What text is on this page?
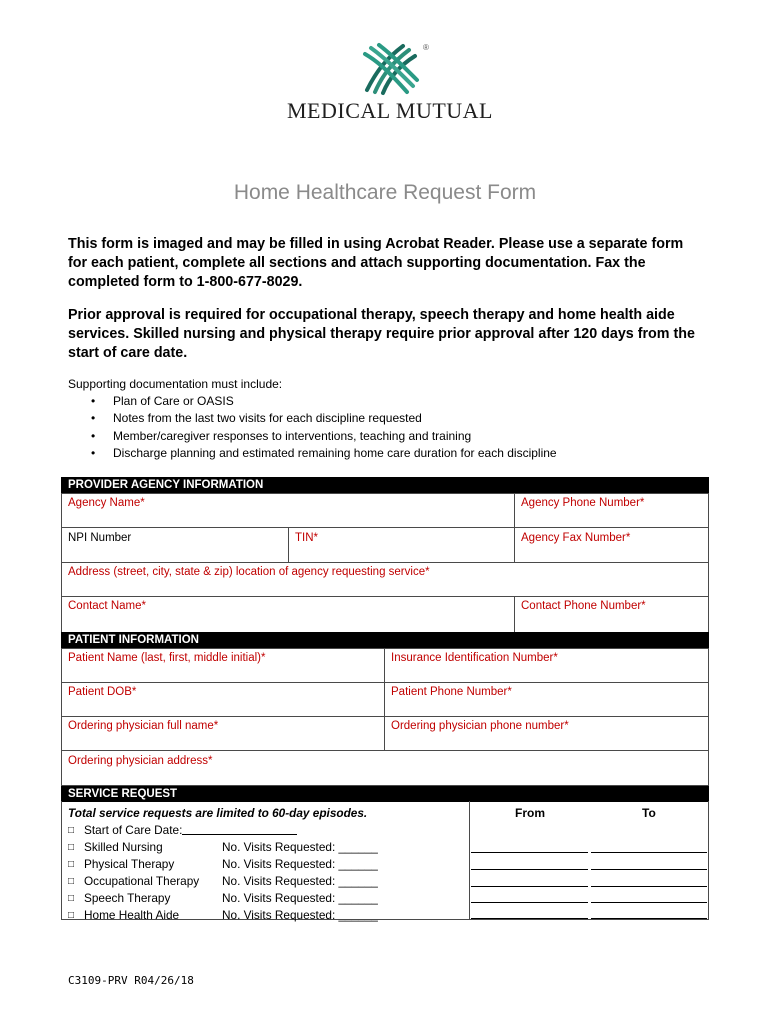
®
MEDICAL MUTUAL
Home Healthcare Request Form

This form is imaged and may be filled in using Acrobat Reader. Please use a separate form for each patient, complete all sections and attach supporting documentation. Fax the completed form to 1-800-677-8029.

Prior approval is required for occupational therapy, speech therapy and home health aide services. Skilled nursing and physical therapy require prior approval after 120 days from the start of care date.

Supporting documentation must include:
• Plan of Care or OASIS
• Notes from the last two visits for each discipline requested
• Member/caregiver responses to interventions, teaching and training
• Discharge planning and estimated remaining home care duration for each discipline
PROVIDER AGENCY INFORMATION
Agency Name*	Agency Phone Number*
NPI Number	TIN*	Agency Fax Number*
Address (street, city, state & zip) location of agency requesting service*
Contact Name*	Contact Phone Number*
PATIENT INFORMATION
Patient Name (last, first, middle initial)*	Insurance Identification Number*
Patient DOB*	Patient Phone Number*
Ordering physician full name*	Ordering physician phone number*
Ordering physician address*
SERVICE REQUEST
Total service requests are limited to 60-day episodes.
□ Start of Care Date:
□ Skilled Nursing	No. Visits Requested: ______
□ Physical Therapy	No. Visits Requested: ______
□ Occupational Therapy No. Visits Requested: ______
□ Speech Therapy	No. Visits Requested: ______
□ Home Health Aide	No. Visits Requested: ______
From	To
C3109-PRV R04/26/18
